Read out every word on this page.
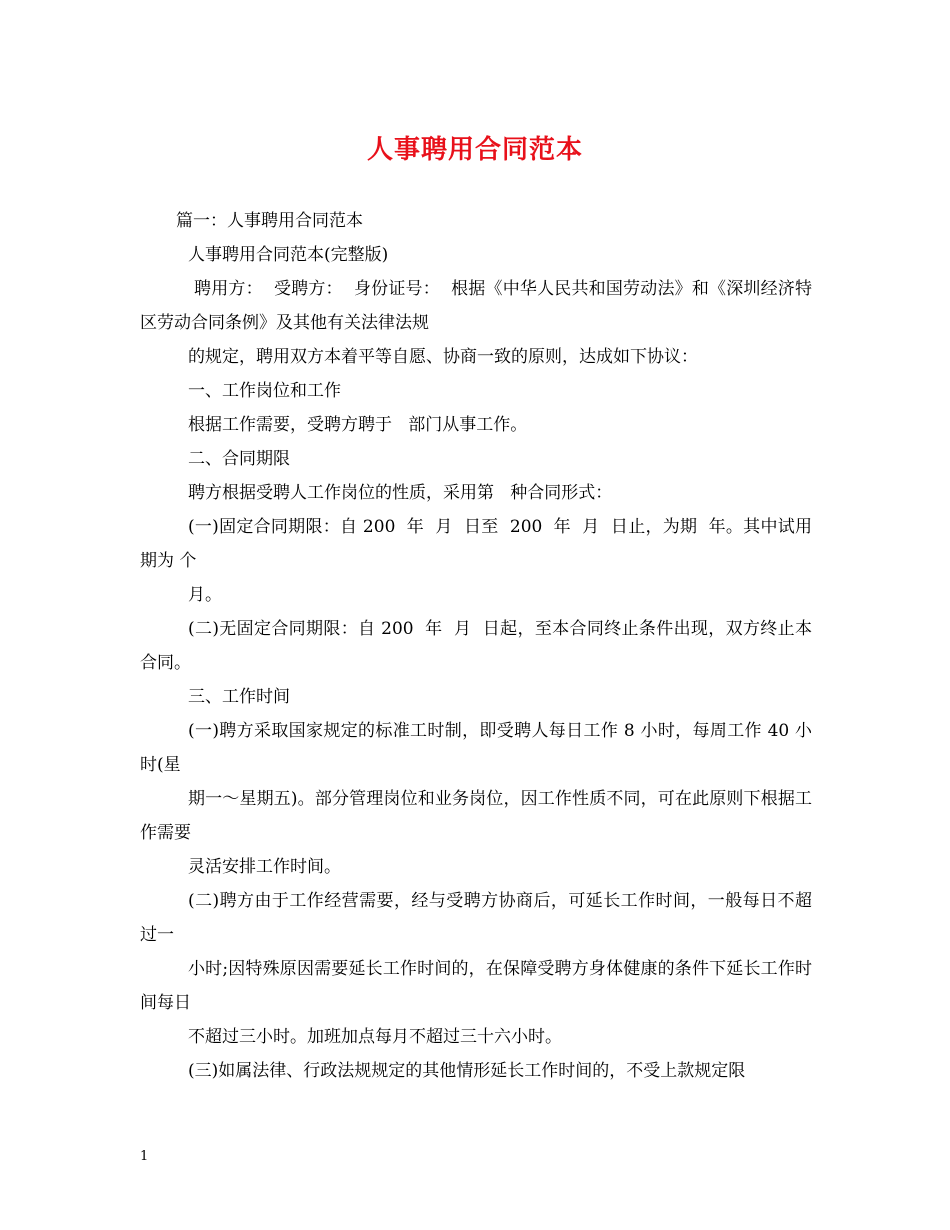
人事聘用合同范本

篇一：人事聘用合同范本

人事聘用合同范本(完整版)

聘用方：  受聘方：  身份证号：  根据《中华人民共和国劳动法》和《深圳经济特区劳动合同条例》及其他有关法律法规

的规定，聘用双方本着平等自愿、协商一致的原则，达成如下协议：

一、工作岗位和工作

根据工作需要，受聘方聘于   部门从事工作。

二、合同期限

聘方根据受聘人工作岗位的性质，采用第   种合同形式：

(一)固定合同期限：自 200  年  月  日至  200  年  月  日止，为期  年。其中试用期为 个

月。

(二)无固定合同期限：自 200  年  月  日起，至本合同终止条件出现，双方终止本合同。

三、工作时间

(一)聘方采取国家规定的标准工时制，即受聘人每日工作 8 小时，每周工作 40 小时(星

期一～星期五)。部分管理岗位和业务岗位，因工作性质不同，可在此原则下根据工作需要

灵活安排工作时间。

(二)聘方由于工作经营需要，经与受聘方协商后，可延长工作时间，一般每日不超过一

小时;因特殊原因需要延长工作时间的，在保障受聘方身体健康的条件下延长工作时间每日

不超过三小时。加班加点每月不超过三十六小时。

(三)如属法律、行政法规规定的其他情形延长工作时间的，不受上款规定限

1
